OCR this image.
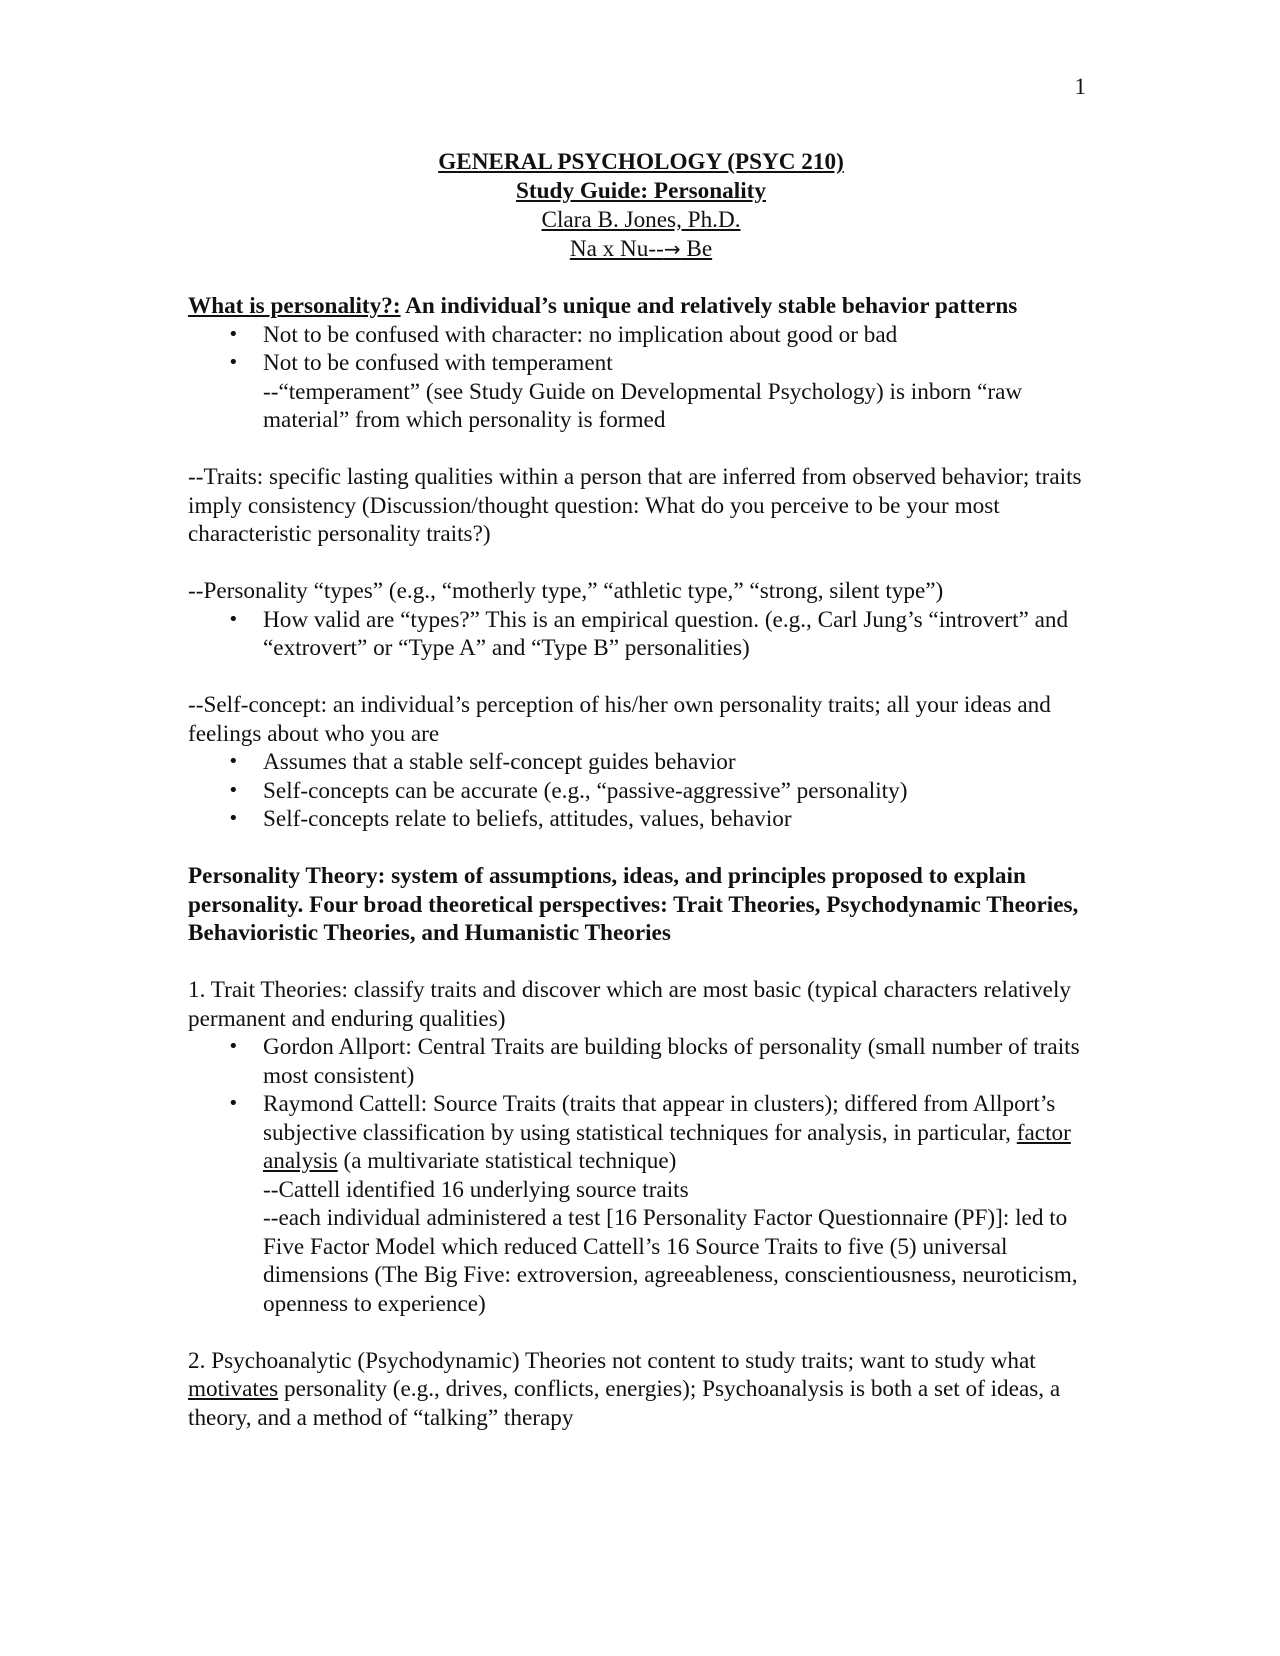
1
GENERAL PSYCHOLOGY (PSYC 210)
Study Guide: Personality
Clara B. Jones, Ph.D.
Na x Nu--→ Be

What is personality?: An individual’s unique and relatively stable behavior patterns

• Not to be confused with character: no implication about good or bad
• Not to be confused with temperament
--“temperament” (see Study Guide on Developmental Psychology) is inborn “raw material” from which personality is formed

--Traits: specific lasting qualities within a person that are inferred from observed behavior; traits imply consistency (Discussion/thought question: What do you perceive to be your most characteristic personality traits?)

--Personality “types” (e.g., “motherly type,” “athletic type,” “strong, silent type”)

• How valid are “types?” This is an empirical question. (e.g., Carl Jung’s “introvert” and “extrovert” or “Type A” and “Type B” personalities)

--Self-concept: an individual’s perception of his/her own personality traits; all your ideas and feelings about who you are

• Assumes that a stable self-concept guides behavior
• Self-concepts can be accurate (e.g., “passive-aggressive” personality)
• Self-concepts relate to beliefs, attitudes, values, behavior

Personality Theory: system of assumptions, ideas, and principles proposed to explain personality. Four broad theoretical perspectives: Trait Theories, Psychodynamic Theories, Behavioristic Theories, and Humanistic Theories

1. Trait Theories: classify traits and discover which are most basic (typical characters relatively permanent and enduring qualities)

• Gordon Allport: Central Traits are building blocks of personality (small number of traits most consistent)
• Raymond Cattell: Source Traits (traits that appear in clusters); differed from Allport’s subjective classification by using statistical techniques for analysis, in particular, factor analysis (a multivariate statistical technique)
--Cattell identified 16 underlying source traits
--each individual administered a test [16 Personality Factor Questionnaire (PF)]: led to Five Factor Model which reduced Cattell’s 16 Source Traits to five (5) universal dimensions (The Big Five: extroversion, agreeableness, conscientiousness, neuroticism, openness to experience)

2. Psychoanalytic (Psychodynamic) Theories not content to study traits; want to study what motivates personality (e.g., drives, conflicts, energies); Psychoanalysis is both a set of ideas, a theory, and a method of “talking” therapy
